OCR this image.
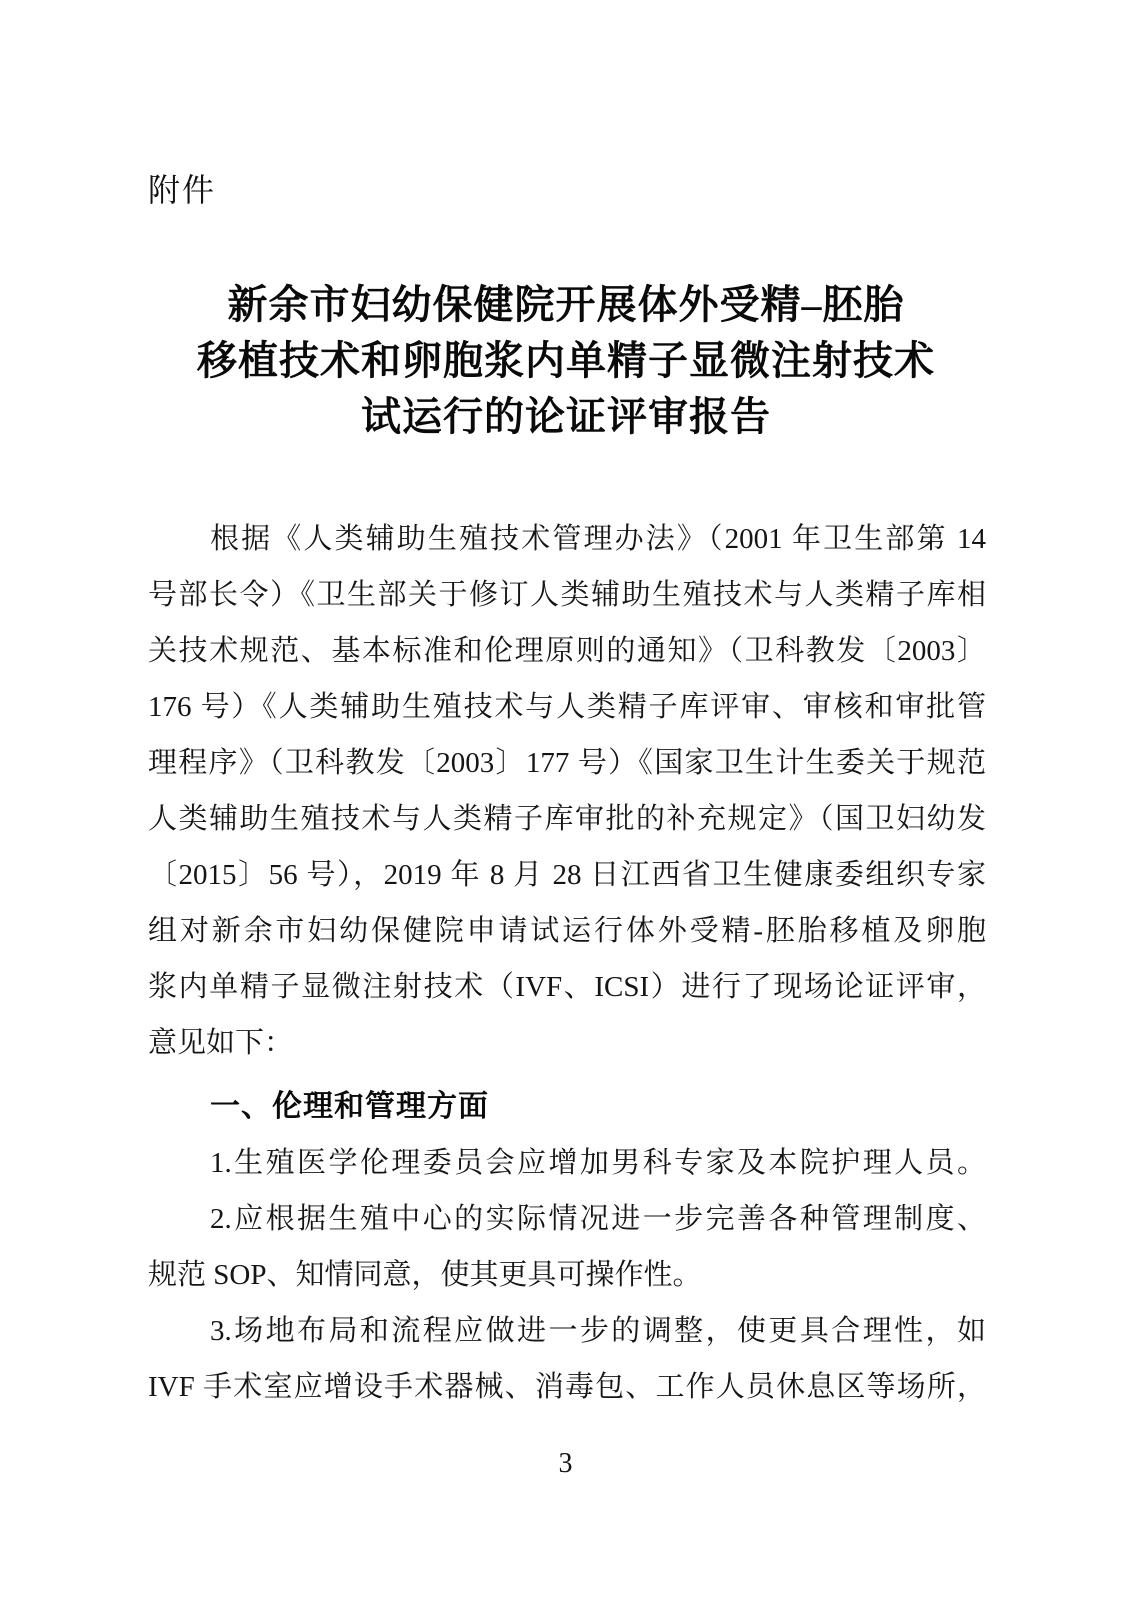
附件
新余市妇幼保健院开展体外受精–胚胎
移植技术和卵胞浆内单精子显微注射技术
试运行的论证评审报告
根据《人类辅助生殖技术管理办法》（2001 年卫生部第 14
号部长令）《卫生部关于修订人类辅助生殖技术与人类精子库相
关技术规范、基本标准和伦理原则的通知》（卫科教发〔2003〕
176 号）《人类辅助生殖技术与人类精子库评审、审核和审批管
理程序》（卫科教发〔2003〕177 号）《国家卫生计生委关于规范
人类辅助生殖技术与人类精子库审批的补充规定》（国卫妇幼发
〔2015〕56 号），2019 年 8 月 28 日江西省卫生健康委组织专家
组对新余市妇幼保健院申请试运行体外受精-胚胎移植及卵胞
浆内单精子显微注射技术（IVF、ICSI）进行了现场论证评审，
意见如下：
一、伦理和管理方面
1.生殖医学伦理委员会应增加男科专家及本院护理人员。
2.应根据生殖中心的实际情况进一步完善各种管理制度、
规范 SOP、知情同意，使其更具可操作性。
3.场地布局和流程应做进一步的调整，使更具合理性，如
IVF 手术室应增设手术器械、消毒包、工作人员休息区等场所，
3
